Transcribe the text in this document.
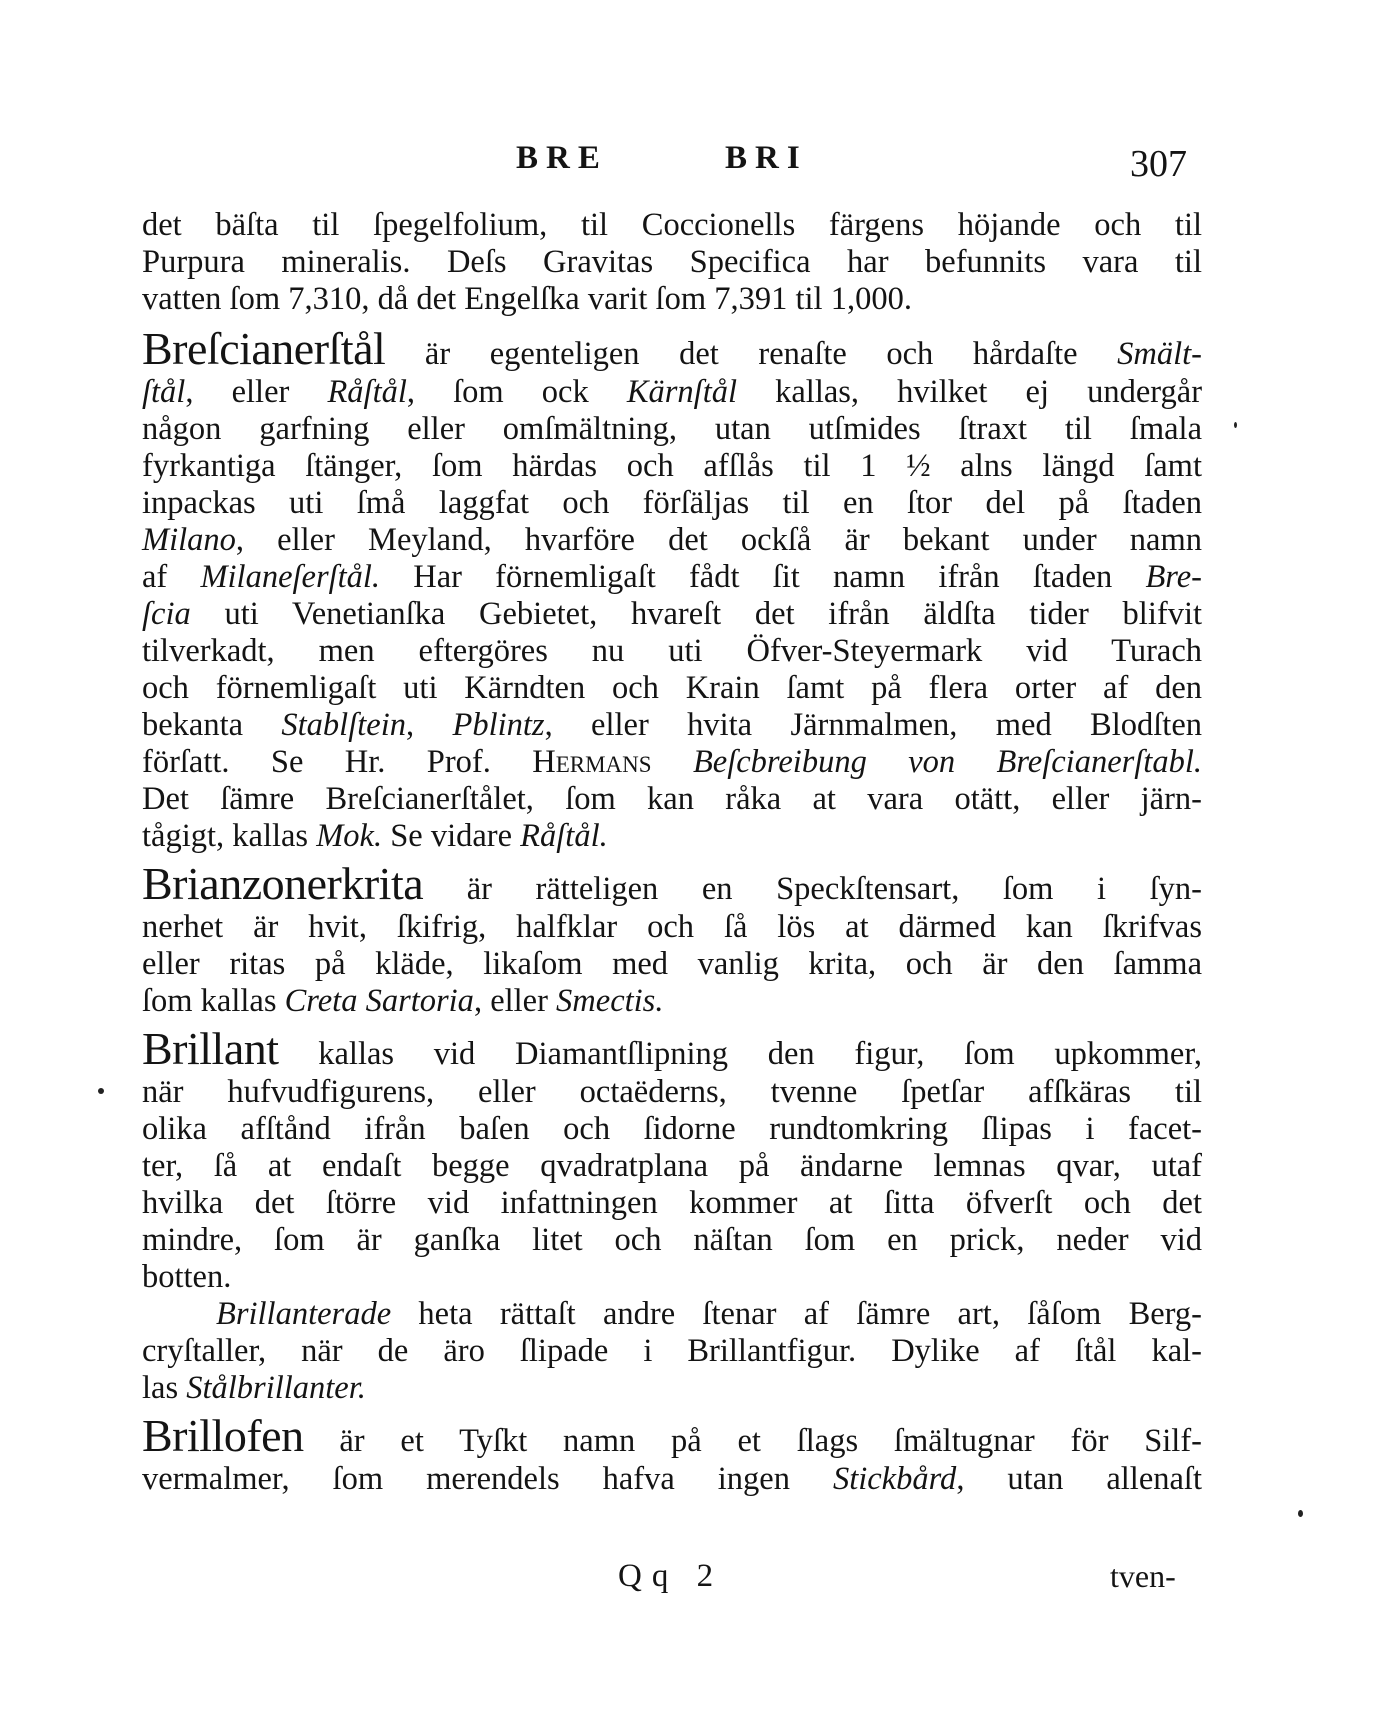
BRE	BRI	307
det bäſta til ſpegelfolium, til Coccionells färgens höjande och til
Purpura mineralis. Deſs Gravitas Specifica har befunnits vara til
vatten ſom 7,310, då det Engelſka varit ſom 7,391 til 1,000.
Breſcianerſtål är egenteligen det renaſte och hårdaſte Smält-
ſtål, eller Råſtål, ſom ock Kärnſtål kallas, hvilket ej undergår
någon garfning eller omſmältning, utan utſmides ſtraxt til ſmala
fyrkantiga ſtänger, ſom härdas och afſlås til 1 ½ alns längd ſamt
inpackas uti ſmå laggfat och förſäljas til en ſtor del på ſtaden
Milano, eller Meyland, hvarföre det ockſå är bekant under namn
af Milaneſerſtål. Har förnemligaſt fådt ſit namn ifrån ſtaden Bre-
ſcia uti Venetianſka Gebietet, hvareſt det ifrån äldſta tider blifvit
tilverkadt, men eftergöres nu uti Öfver-Steyermark vid Turach
och förnemligaſt uti Kärndten och Krain ſamt på flera orter af den
bekanta Stablſtein, Pblintz, eller hvita Järnmalmen, med Blodſten
förſatt. Se Hr. Prof. Hermans Beſcbreibung von Breſcianerſtabl.
Det ſämre Breſcianerſtålet, ſom kan råka at vara otätt, eller järn-
tågigt, kallas Mok. Se vidare Råſtål.
Brianzonerkrita är rätteligen en Speckſtensart, ſom i ſyn-
nerhet är hvit, ſkifrig, halfklar och ſå lös at därmed kan ſkrifvas
eller ritas på kläde, likaſom med vanlig krita, och är den ſamma
ſom kallas Creta Sartoria, eller Smectis.
Brillant kallas vid Diamantſlipning den figur, ſom upkommer,
när hufvudfigurens, eller octaëderns, tvenne ſpetſar afſkäras til
olika afſtånd ifrån baſen och ſidorne rundtomkring ſlipas i facet-
ter, ſå at endaſt begge qvadratplana på ändarne lemnas qvar, utaf
hvilka det ſtörre vid infattningen kommer at ſitta öfverſt och det
mindre, ſom är ganſka litet och näſtan ſom en prick, neder vid
botten.
Brillanterade heta rättaſt andre ſtenar af ſämre art, ſåſom Berg-
cryſtaller, när de äro ſlipade i Brillantfigur. Dylike af ſtål kal-
las Stålbrillanter.
Brillofen är et Tyſkt namn på et ſlags ſmältugnar för Silf-
vermalmer, ſom merendels hafva ingen Stickbård, utan allenaſt
Qq 2	tven-
